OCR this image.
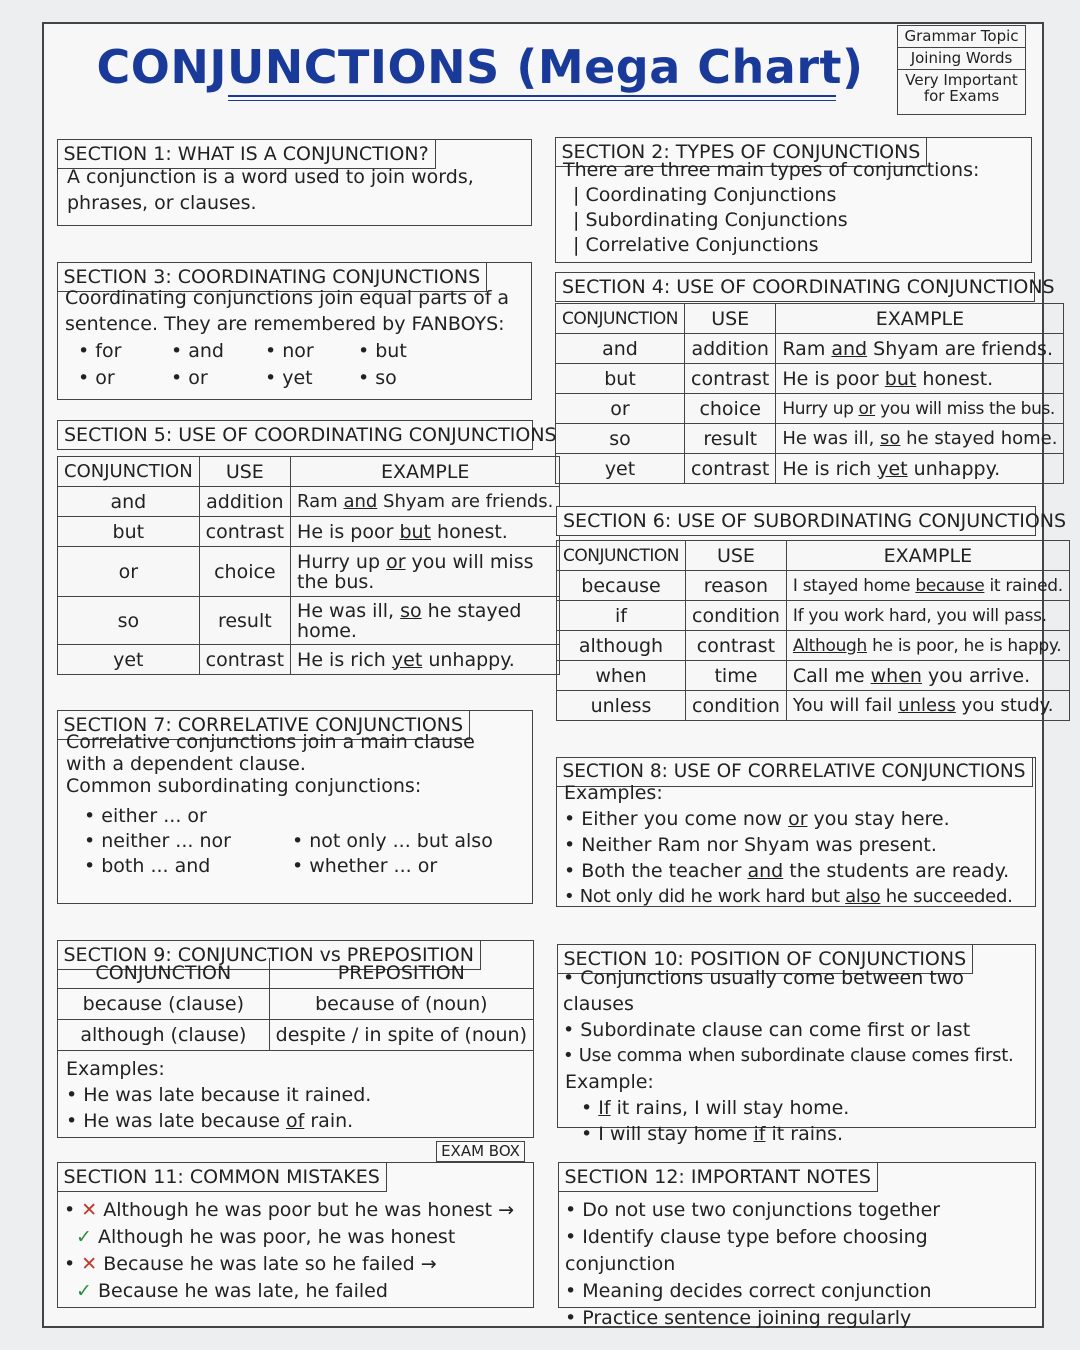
CONJUNCTIONS (Mega Chart)
Grammar Topic
Joining Words
Very Important for Exams
SECTION 1: WHAT IS A CONJUNCTION?
A conjunction is a word used to join words, phrases, or clauses.
SECTION 2: TYPES OF CONJUNCTIONS

There are three main types of conjunctions:

| Coordinating Conjunctions

| Subordinating Conjunctions

| Correlative Conjunctions

SECTION 3: COORDINATING CONJUNCTIONS
Coordinating conjunctions join equal parts of a sentence. They are remembered by FANBOYS:
• for	• and • nor • but
• or	• or	• yet • so
SECTION 4: USE OF COORDINATING CONJUNCTIONS
CONJUNCTION	USE	EXAMPLE
and	addition	Ram and Shyam are friends.
but	contrast	He is poor but honest.
or	choice	Hurry up or you will miss the bus.
so	result	He was ill, so he stayed home.
yet	contrast	He is rich yet unhappy.
SECTION 5: USE OF COORDINATING CONJUNCTIONS
CONJUNCTION	USE	EXAMPLE
and	addition	Ram and Shyam are friends.
but	contrast	He is poor but honest.
or	choice	Hurry up or you will miss the bus.
so	result	He was ill, so he stayed home.
yet	contrast	He is rich yet unhappy.
SECTION 6: USE OF SUBORDINATING CONJUNCTIONS
CONJUNCTION	USE	EXAMPLE
because	reason	I stayed home because it rained.
if	condition	If you work hard, you will pass.
although	contrast	Although he is poor, he is happy.
when	time	Call me when you arrive.
unless	condition	You will fail unless you study.
SECTION 7: CORRELATIVE CONJUNCTIONS

Correlative conjunctions join a main clause

with a dependent clause.

Common subordinating conjunctions:

• either ... or
• neither ... nor
• both ... and
• not only ... but also
• whether ... or
SECTION 8: USE OF CORRELATIVE CONJUNCTIONS

Examples:

• Either you come now or you stay here.

• Neither Ram nor Shyam was present.

• Both the teacher and the students are ready.

• Not only did he work hard but also he succeeded.

SECTION 9: CONJUNCTION vs PREPOSITION
CONJUNCTION	PREPOSITION
because (clause)	because of (noun)
although (clause)	despite / in spite of (noun)

Examples:

• He was late because it rained.

• He was late because of rain.

SECTION 10: POSITION OF CONJUNCTIONS

• Conjunctions usually come between two clauses

• Subordinate clause can come first or last

• Use comma when subordinate clause comes first.

Example:

• If it rains, I will stay home.

• I will stay home if it rains.

EXAM BOX
SECTION 11: COMMON MISTAKES

• ✕ Although he was poor but he was honest →

✓ Although he was poor, he was honest

• ✕ Because he was late so he failed →

✓ Because he was late, he failed

SECTION 12: IMPORTANT NOTES

• Do not use two conjunctions together

• Identify clause type before choosing conjunction

• Meaning decides correct conjunction

• Practice sentence joining regularly
